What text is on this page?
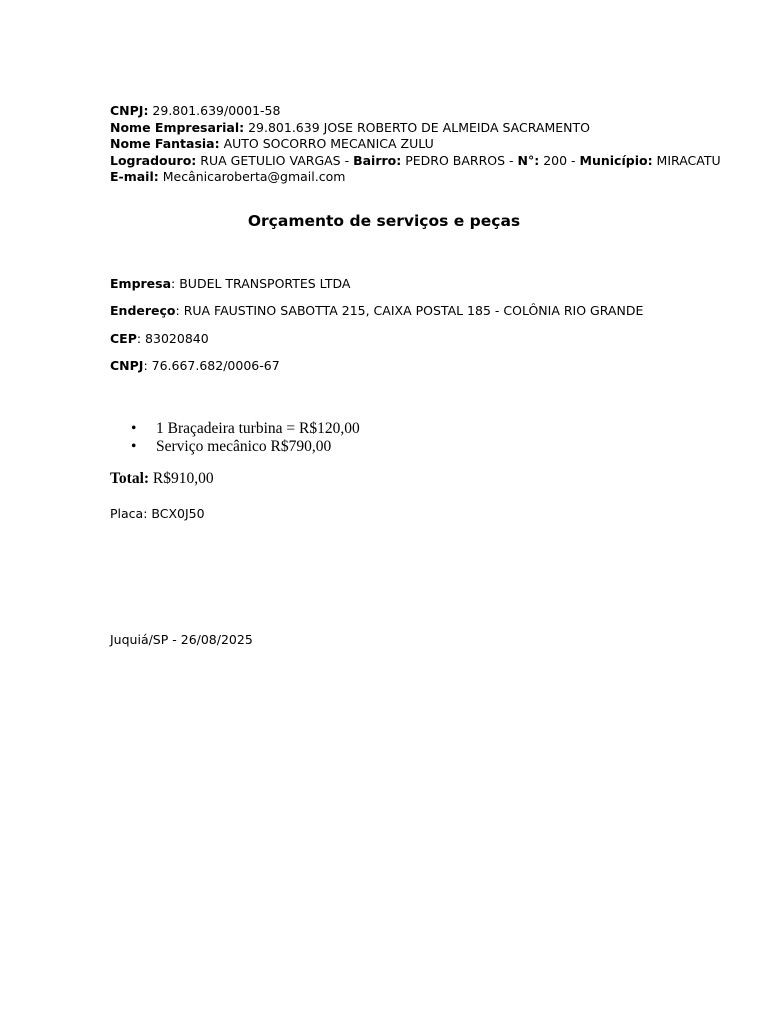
CNPJ: 29.801.639/0001-58
Nome Empresarial: 29.801.639 JOSE ROBERTO DE ALMEIDA SACRAMENTO
Nome Fantasia: AUTO SOCORRO MECANICA ZULU
Logradouro: RUA GETULIO VARGAS - Bairro: PEDRO BARROS - N°: 200 - Município: MIRACATU
E-mail: Mecânicaroberta@gmail.com
Orçamento de serviços e peças
Empresa: BUDEL TRANSPORTES LTDA
Endereço: RUA FAUSTINO SABOTTA 215, CAIXA POSTAL 185 - COLÔNIA RIO GRANDE
CEP: 83020840
CNPJ: 76.667.682/0006-67
• 1 Braçadeira turbina = R$120,00
• Serviço mecânico R$790,00
Total: R$910,00
Placa: BCX0J50
Juquiá/SP - 26/08/2025
